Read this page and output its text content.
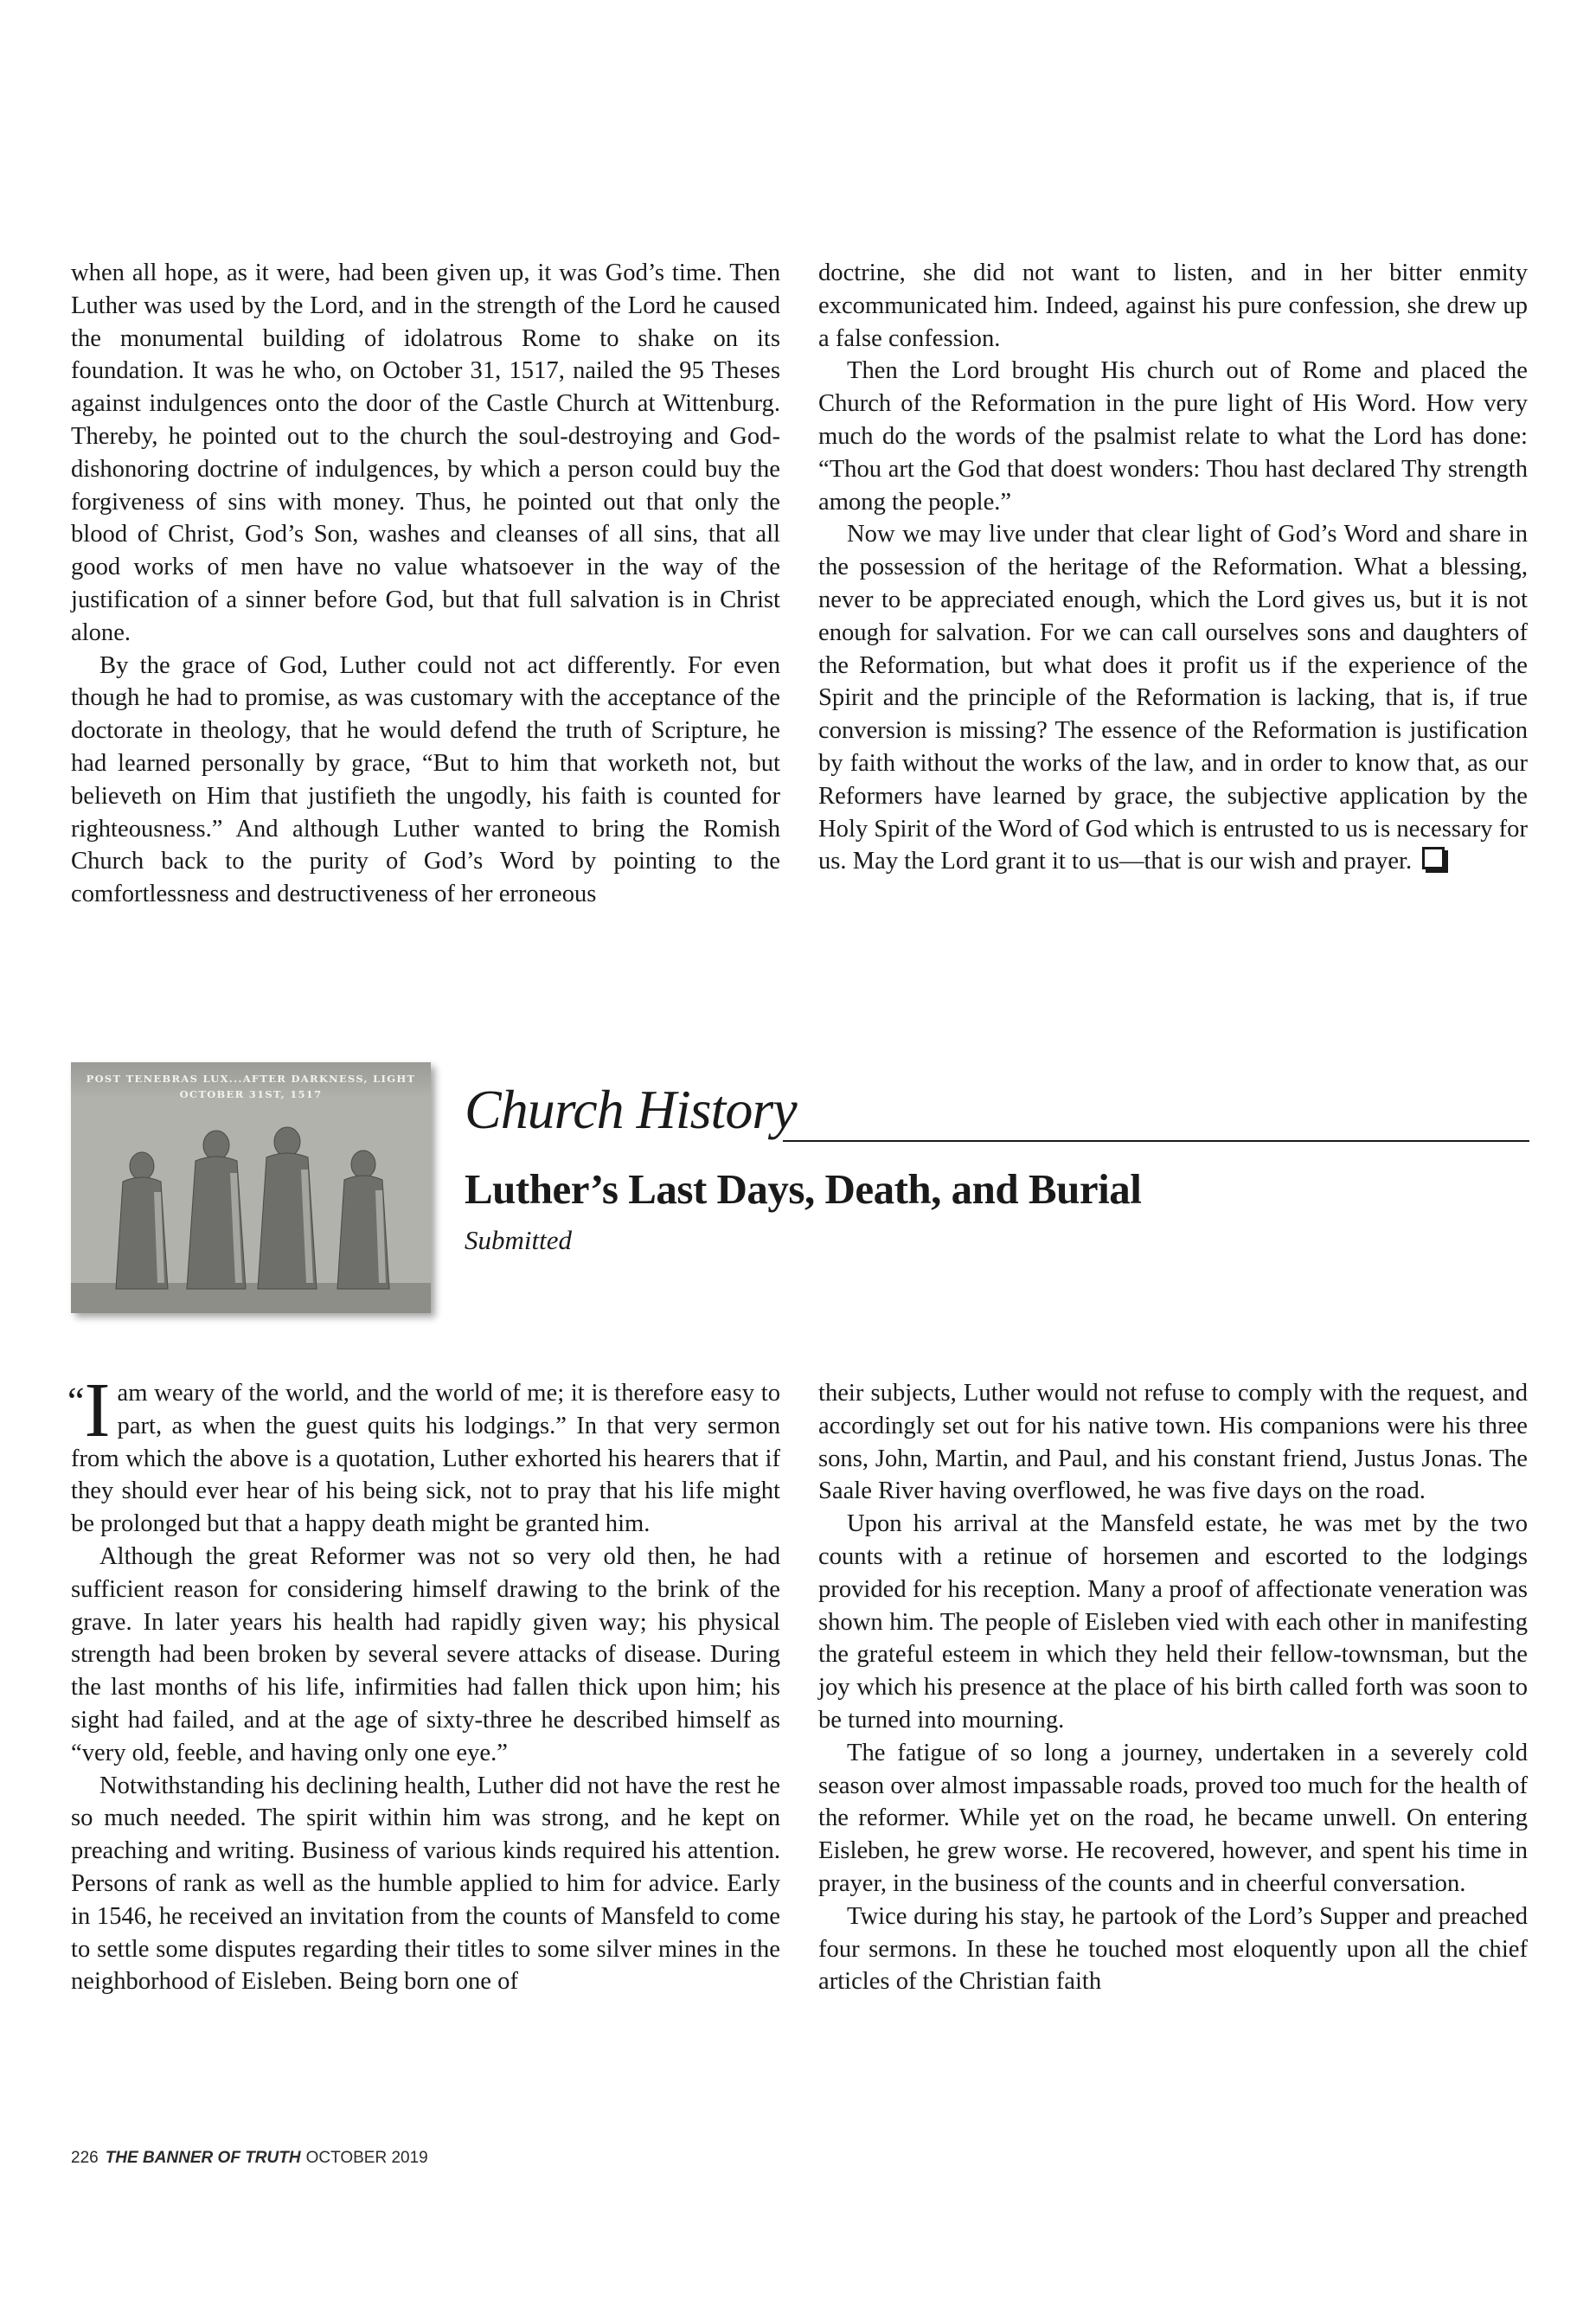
when all hope, as it were, had been given up, it was God’s time. Then Luther was used by the Lord, and in the strength of the Lord he caused the monumental building of idolatrous Rome to shake on its foundation. It was he who, on October 31, 1517, nailed the 95 Theses against indulgences onto the door of the Castle Church at Wittenburg. Thereby, he pointed out to the church the soul-destroying and God-dishonoring doctrine of indulgences, by which a person could buy the forgiveness of sins with money. Thus, he pointed out that only the blood of Christ, God’s Son, washes and cleanses of all sins, that all good works of men have no value whatsoever in the way of the justification of a sinner before God, but that full salvation is in Christ alone.

By the grace of God, Luther could not act differently. For even though he had to promise, as was customary with the acceptance of the doctorate in theology, that he would defend the truth of Scripture, he had learned personally by grace, “But to him that worketh not, but believeth on Him that justifieth the ungodly, his faith is counted for righteousness.” And although Luther wanted to bring the Romish Church back to the purity of God’s Word by pointing to the comfortlessness and destructiveness of her erroneous

doctrine, she did not want to listen, and in her bitter enmity excommunicated him. Indeed, against his pure confession, she drew up a false confession.

Then the Lord brought His church out of Rome and placed the Church of the Reformation in the pure light of His Word. How very much do the words of the psalmist relate to what the Lord has done: “Thou art the God that doest wonders: Thou hast declared Thy strength among the people.”

Now we may live under that clear light of God’s Word and share in the possession of the heritage of the Reformation. What a blessing, never to be appreciated enough, which the Lord gives us, but it is not enough for salvation. For we can call ourselves sons and daughters of the Reformation, but what does it profit us if the experience of the Spirit and the principle of the Reformation is lacking, that is, if true conversion is missing? The essence of the Reformation is justification by faith without the works of the law, and in order to know that, as our Reformers have learned by grace, the subjective application by the Holy Spirit of the Word of God which is entrusted to us is necessary for us. May the Lord grant it to us—that is our wish and prayer.

POST TENEBRAS LUX...AFTER DARKNESS, LIGHT
OCTOBER 31ST, 1517	Church History
Luther’s Last Days, Death, and Burial
Submitted

“I am weary of the world, and the world of me; it is therefore easy to part, as when the guest quits his lodgings.” In that very sermon from which the above is a quotation, Luther exhorted his hearers that if they should ever hear of his being sick, not to pray that his life might be prolonged but that a happy death might be granted him.

Although the great Reformer was not so very old then, he had sufficient reason for considering himself drawing to the brink of the grave. In later years his health had rapidly given way; his physical strength had been broken by several severe attacks of disease. During the last months of his life, infirmities had fallen thick upon him; his sight had failed, and at the age of sixty-three he described himself as “very old, feeble, and having only one eye.”

Notwithstanding his declining health, Luther did not have the rest he so much needed. The spirit within him was strong, and he kept on preaching and writing. Business of various kinds required his attention. Persons of rank as well as the humble applied to him for advice. Early in 1546, he received an invitation from the counts of Mansfeld to come to settle some disputes regarding their titles to some silver mines in the neighborhood of Eisleben. Being born one of

their subjects, Luther would not refuse to comply with the request, and accordingly set out for his native town. His companions were his three sons, John, Martin, and Paul, and his constant friend, Justus Jonas. The Saale River having overflowed, he was five days on the road.

Upon his arrival at the Mansfeld estate, he was met by the two counts with a retinue of horsemen and escorted to the lodgings provided for his reception. Many a proof of affectionate veneration was shown him. The people of Eisleben vied with each other in manifesting the grateful esteem in which they held their fellow-townsman, but the joy which his presence at the place of his birth called forth was soon to be turned into mourning.

The fatigue of so long a journey, undertaken in a severely cold season over almost impassable roads, proved too much for the health of the reformer. While yet on the road, he became unwell. On entering Eisleben, he grew worse. He recovered, however, and spent his time in prayer, in the business of the counts and in cheerful conversation.

Twice during his stay, he partook of the Lord’s Supper and preached four sermons. In these he touched most eloquently upon all the chief articles of the Christian faith

226 THE BANNER OF TRUTH OCTOBER 2019
